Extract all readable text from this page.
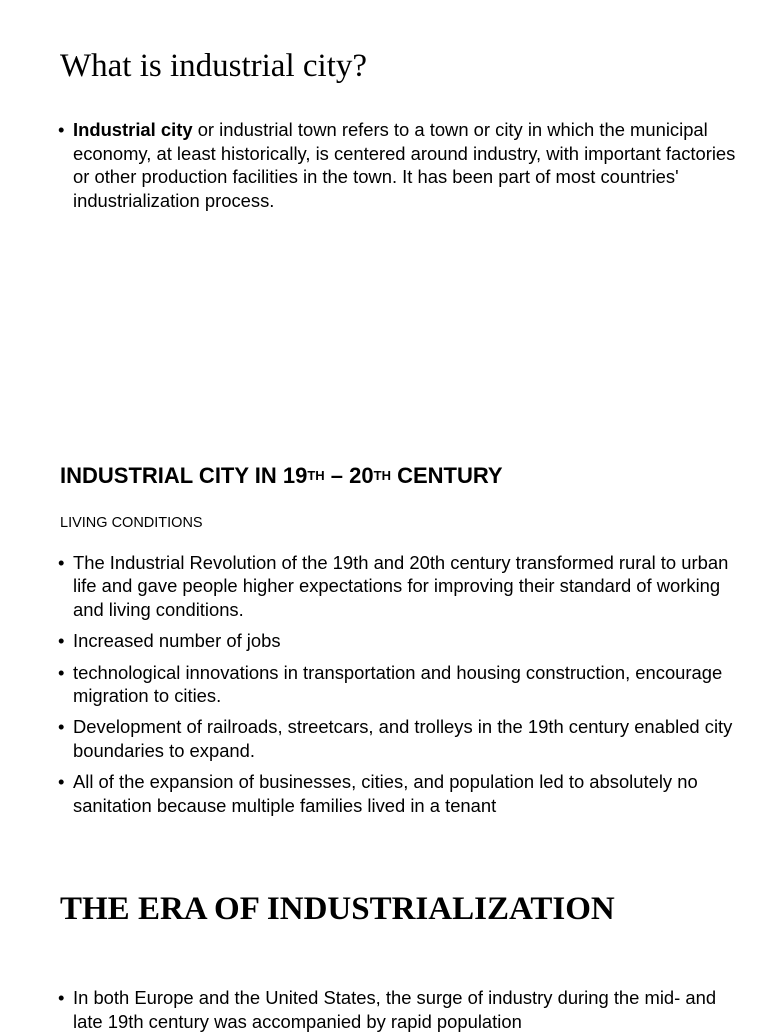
What is industrial city?
• Industrial city or industrial town refers to a town or city in which the municipal economy, at least historically, is centered around industry, with important factories or other production facilities in the town. It has been part of most countries' industrialization process.
INDUSTRIAL CITY IN 19TH – 20TH CENTURY

LIVING CONDITIONS

• The Industrial Revolution of the 19th and 20th century transformed rural to urban life and gave people higher expectations for improving their standard of working and living conditions.
• Increased number of jobs
• technological innovations in transportation and housing construction, encourage migration to cities.
• Development of railroads, streetcars, and trolleys in the 19th century enabled city boundaries to expand.
• All of the expansion of businesses, cities, and population led to absolutely no sanitation because multiple families lived in a tenant
THE ERA OF INDUSTRIALIZATION
• In both Europe and the United States, the surge of industry during the mid- and late 19th century was accompanied by rapid population
